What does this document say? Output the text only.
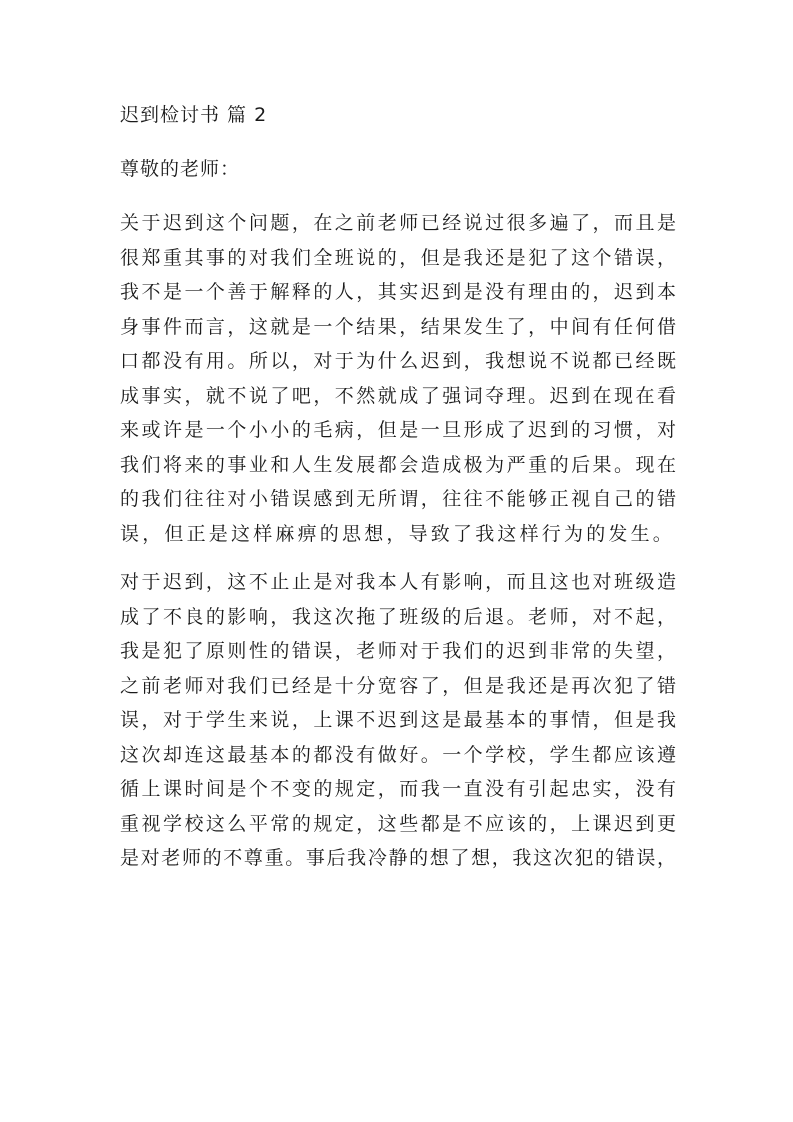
迟到检讨书 篇 2
尊敬的老师：
关于迟到这个问题，在之前老师已经说过很多遍了，而且是
很郑重其事的对我们全班说的，但是我还是犯了这个错误，
我不是一个善于解释的人，其实迟到是没有理由的，迟到本
身事件而言，这就是一个结果，结果发生了，中间有任何借
口都没有用。所以，对于为什么迟到，我想说不说都已经既
成事实，就不说了吧，不然就成了强词夺理。迟到在现在看
来或许是一个小小的毛病，但是一旦形成了迟到的习惯，对
我们将来的事业和人生发展都会造成极为严重的后果。现在
的我们往往对小错误感到无所谓，往往不能够正视自己的错
误，但正是这样麻痹的思想，导致了我这样行为的发生。
对于迟到，这不止止是对我本人有影响，而且这也对班级造
成了不良的影响，我这次拖了班级的后退。老师，对不起，
我是犯了原则性的错误，老师对于我们的迟到非常的失望，
之前老师对我们已经是十分宽容了，但是我还是再次犯了错
误，对于学生来说，上课不迟到这是最基本的事情，但是我
这次却连这最基本的都没有做好。一个学校，学生都应该遵
循上课时间是个不变的规定，而我一直没有引起忠实，没有
重视学校这么平常的规定，这些都是不应该的，上课迟到更
是对老师的不尊重。事后我冷静的想了想，我这次犯的错误，
